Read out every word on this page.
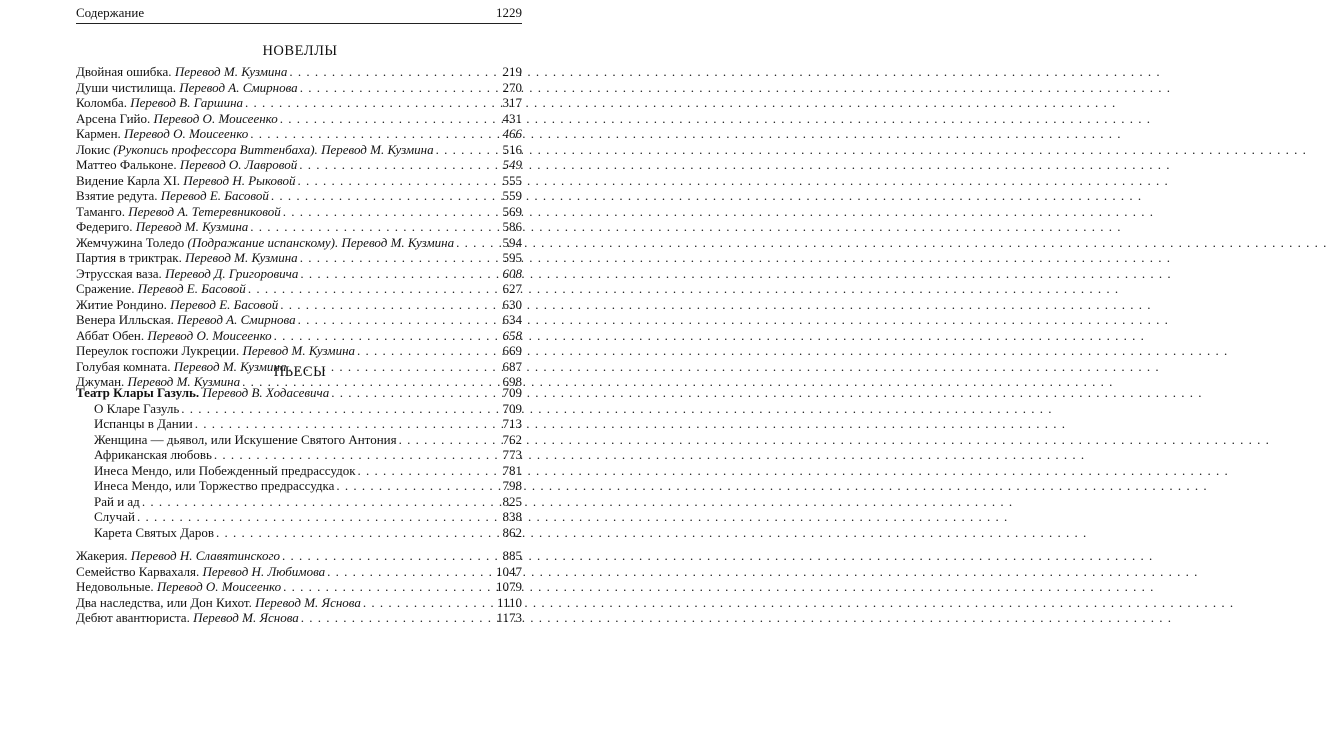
Содержание	1229
НОВЕЛЛЫ
Двойная ошибка. Перевод М. Кузмина . . .	219
Души чистилища. Перевод А. Смирнова . . .	270
Коломба. Перевод В. Гаршина . . .	317
Арсена Гийо. Перевод О. Моисеенко . . .	431
Кармен. Перевод О. Моисеенко . . .	466
Локис (Рукопись профессора Виттенбаха). Перевод М. Кузмина . . .	516
Маттео Фальконе. Перевод О. Лавровой . . .	549
Видение Карла XI. Перевод Н. Рыковой . . .	555
Взятие редута. Перевод Е. Басовой . . .	559
Таманго. Перевод А. Тетеревниковой . . .	569
Федериго. Перевод М. Кузмина . . .	586
Жемчужина Толедо (Подражание испанскому). Перевод М. Кузмина . . .	594
Партия в триктрак. Перевод М. Кузмина . . .	595
Этрусская ваза. Перевод Д. Григоровича . . .	608
Сражение. Перевод Е. Басовой . . .	627
Житие Рондино. Перевод Е. Басовой . . .	630
Венера Илльская. Перевод А. Смирнова . . .	634
Аббат Обен. Перевод О. Моисеенко . . .	658
Переулок госпожи Лукреции. Перевод М. Кузмина . . .	669
Голубая комната. Перевод М. Кузмина . . .	687
Джуман. Перевод М. Кузмина . . .	698
ПЬЕСЫ
Театр Клары Газуль. Перевод В. Ходасевича . . .	709
О Кларе Газуль . . .	709
Испанцы в Дании . . .	713
Женщина — дьявол, или Искушение Святого Антония . . .	762
Африканская любовь . . .	773
Инеса Мендо, или Побежденный предрассудок . . .	781
Инеса Мендо, или Торжество предрассудка . . .	798
Рай и ад . . .	825
Случай . . .	838
Карета Святых Даров . . .	862
Жакерия. Перевод Н. Славятинского . . .	885
Семейство Карвахаля. Перевод Н. Любимова . . .	1047
Недовольные. Перевод О. Моисеенко . . .	1079
Два наследства, или Дон Кихот. Перевод М. Яснова . . .	1110
Дебют авантюриста. Перевод М. Яснова . . .	1173
